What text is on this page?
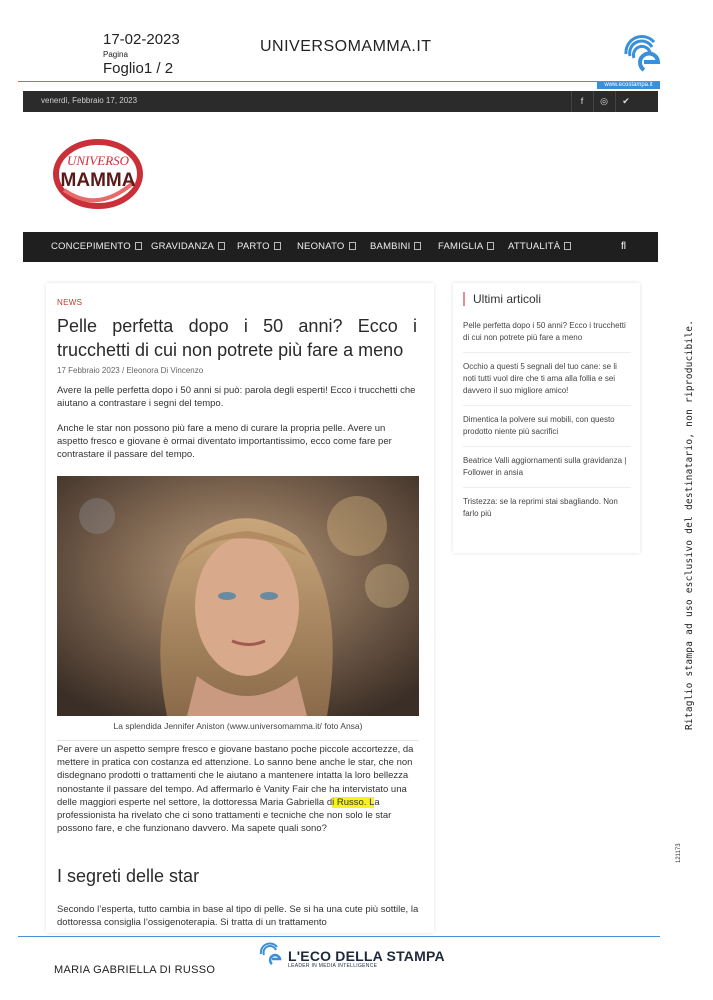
17-02-2023
Pagina
Foglio1 / 2
UNIVERSOMAMMA.IT
www.ecostampa.it
venerdì, Febbraio 17, 2023	f	◎	✔
UNIVERSO
MAMMA
CONCEPIMENTO	GRAVIDANZA	PARTO	NEONATO	BAMBINI	FAMIGLIA	ATTUALITÀ	fl
NEWS
Pelle perfetta dopo i 50 anni? Ecco i trucchetti di cui non potrete più fare a meno
17 Febbraio 2023 / Eleonora Di Vincenzo
Avere la pelle perfetta dopo i 50 anni si può: parola degli esperti! Ecco i trucchetti che aiutano a contrastare i segni del tempo.
Anche le star non possono più fare a meno di curare la propria pelle. Avere un aspetto fresco e giovane è ormai diventato importantissimo, ecco come fare per contrastare il passare del tempo.
La splendida Jennifer Aniston (www.universomamma.it/ foto Ansa)
Per avere un aspetto sempre fresco e giovane bastano poche piccole accortezze, da mettere in pratica con costanza ed attenzione. Lo sanno bene anche le star, che non disdegnano prodotti o trattamenti che le aiutano a mantenere intatta la loro bellezza nonostante il passare del tempo. Ad affermarlo è Vanity Fair che ha intervistato una delle maggiori esperte nel settore, la dottoressa Maria Gabriella di Russo. La professionista ha rivelato che ci sono trattamenti e tecniche che non solo le star possono fare, e che funzionano davvero. Ma sapete quali sono?
I segreti delle star
Secondo l’esperta, tutto cambia in base al tipo di pelle. Se si ha una cute più sottile, la dottoressa consiglia l’ossigenoterapia. Si tratta di un trattamento
Ultimi articoli
Pelle perfetta dopo i 50 anni? Ecco i trucchetti di cui non potrete più fare a meno
Occhio a questi 5 segnali del tuo cane: se li noti tutti vuol dire che ti ama alla follia e sei davvero il suo migliore amico!
Dimentica la polvere sui mobili, con questo prodotto niente più sacrifici
Beatrice Valli aggiornamenti sulla gravidanza | Follower in ansia
Tristezza: se la reprimi stai sbagliando. Non farlo più
Ritaglio stampa ad uso esclusivo del destinatario, non riproducibile.
121173
L'ECO DELLA STAMPA
LEADER IN MEDIA INTELLIGENCE
MARIA GABRIELLA DI RUSSO
